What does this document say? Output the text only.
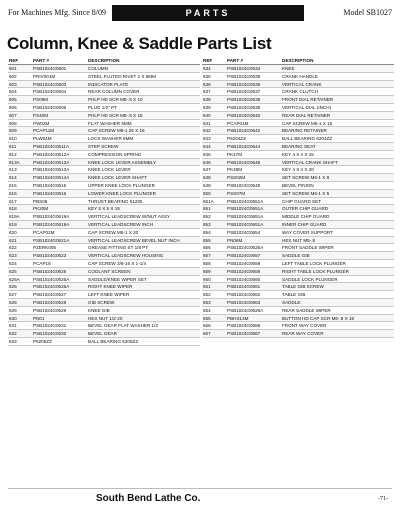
For Machines Mfg. Since 8/09	PARTS	Model SB1027
Column, Knee & Saddle Parts List
REF	PART #	DESCRIPTION
601	PSB1024G0601	COLUMN
602	PRIV001M	STEEL FLUTED RIVET 2 X 6MM
603	PSB1024G0603	INDICATOR PLATE
604	PSB1024G0604	REAR COLUMN COVER
605	PS09M	PHLP HD SCR M5-.8 X 10
606	PSB1024G0606	PLUG 1/2" PT
607	PS40M	PHLP HD SCR M5-.8 X 16
608	PW02M	FLAT WASHER 5MM
609	PCAP11M	CAP SCREW M8-1.25 X 16
610	PLW04M	LOCK WASHER 8MM
611	PSB1024G0611A	STEP SCREW
612	PSB1024G0612A	COMPRESSION SPRING
613A	PSB1024G0613A	KNEE LOCK LEVER ASSEMBLY
613	PSB1024G0613A	KNEE LOCK LEVER
614	PSB1024G0614A	KNEE LOCK LEVER SHAFT
615	PSB1024G0615	UPPER KNEE LOCK PLUNGER
616	PSB1024G0616	LOWER KNEE LOCK PLUNGER
617	PBS05	THRUST BEARING 51205
618	PK20M	KEY 5 X 5 X 15
619A	PSB1024G0619A	VERTICAL LEADSCREW W/NUT ASSY
619	PSB1024G0619A	VERTICAL LEADSCREW INCH
620	PCAP02M	CAP SCREW M6-1 X 20
621	PSB1024G0621A	VERTICAL LEADSCREW BEVEL NUT INCH
622	PZERK005	GREASE FITTING ST 1/8 PT
623	PSB1024G0623	VERTICAL LEADSCREW HOUSING
624	PCAP18	CAP SCREW 3/8-16 X 1-1/4
625	PSB1024G0625	COOLANT SCREEN
626A	PSB1024G0626A	SADDLE/KNEE WIPER SET
626	PSB1024G0626A	RIGHT KNEE WIPER
627	PSB1024G0627	LEFT KNEE WIPER
628	PSB1024G0628	GIB SCREW
629	PSB1024G0629	KNEE GIB
630	PN01	HEX NUT 1/2-20
631	PSB1024G0631	BEVEL GEAR FLAT WASHER 1/2
632	PSB1024G0632	BEVEL GEAR
633	P6205ZZ	BALL BEARING 6205ZZ
REF	PART #	DESCRIPTION
634	PSB1024G0634	KNEE
635	PSB1024G0635	CRANK HANDLE
636	PSB1024G0636	VERTICAL CRANK
637	PSB1024G0637	CRANK CLUTCH
638	PSB1024G0638	FRONT DIAL RETAINER
639	PSB1024G0639	VERTICAL DIAL (INCH)
640	PSB1024G0640	REAR DIAL RETAINER
641	PCAP01M	CAP SCREW M6-1 X 16
642	PSB1024G0642	BEARING RETAINER
643	P6204ZZ	BALL BEARING 6204ZZ
644	PSB1024G0644	BEARING SEAT
645	PK47M	KEY 4 X 4 X 15
646	PSB1024G0646	VERTICAL CRANK SHAFT
647	PK48M	KEY 4 X 4 X 20
648	PSS02M	SET SCREW M6-1 X 8
649	PSB1024G0649	BEVEL PINION
650	PSS07M	SET SCREW M6-1 X 5
651A	PSB1024G0651A	CHIP GUARD SET
651	PSB1024G0651A	OUTER CHIP GUARD
652	PSB1024G0651A	MIDDLE CHIP GUARD
653	PSB1024G0651A	INNER CHIP GUARD
654	PSB1024G0654	WAY COVER SUPPORT
655	PN06M	HEX NUT M5-.8
656	PSB1024G0626A	FRONT SADDLE WIPER
657	PSB1024G0657	SADDLE GIB
658	PSB1024G0658	LEFT TABLE LOCK PLUNGER
659	PSB1024G0659	RIGHT TABLE LOCK PLUNGER
660	PSB1024G0660	SADDLE LOCK PLUNGER
661	PSB1024G0661	TABLE GIB SCREW
662	PSB1024G0662	TABLE GIB
663	PSB1024G0663	SADDLE
664	PSB1024G0626A	REAR SADDLE WIPER
665	PBHS13M	BUTTON HD CAP SCR M6-.8 X 16
666	PSB1024G0666	FRONT WAY COVER
667	PSB1024G0667	REAR WAY COVER
South Bend Lathe Co.	-71-
